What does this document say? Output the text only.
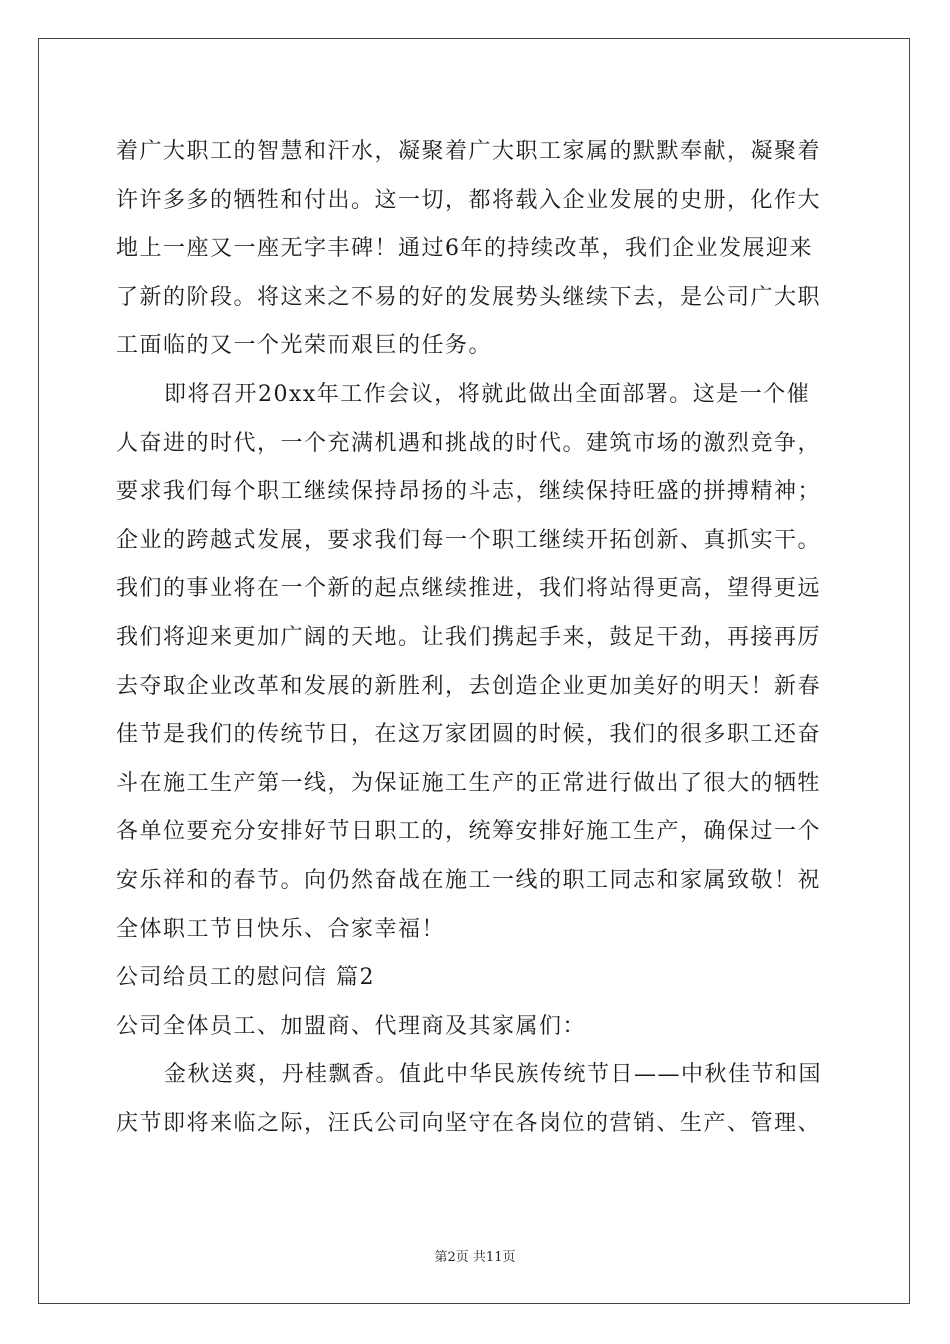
着广大职工的智慧和汗水，凝聚着广大职工家属的默默奉献，凝聚着
许许多多的牺牲和付出。这一切，都将载入企业发展的史册，化作大
地上一座又一座无字丰碑！通过6年的持续改革，我们企业发展迎来
了新的阶段。将这来之不易的好的发展势头继续下去，是公司广大职
工面临的又一个光荣而艰巨的任务。
即将召开20xx年工作会议，将就此做出全面部署。这是一个催
人奋进的时代，一个充满机遇和挑战的时代。建筑市场的激烈竞争，
要求我们每个职工继续保持昂扬的斗志，继续保持旺盛的拼搏精神；
企业的跨越式发展，要求我们每一个职工继续开拓创新、真抓实干。
我们的事业将在一个新的起点继续推进，我们将站得更高，望得更远
我们将迎来更加广阔的天地。让我们携起手来，鼓足干劲，再接再厉
去夺取企业改革和发展的新胜利，去创造企业更加美好的明天！新春
佳节是我们的传统节日，在这万家团圆的时候，我们的很多职工还奋
斗在施工生产第一线，为保证施工生产的正常进行做出了很大的牺牲
各单位要充分安排好节日职工的，统筹安排好施工生产，确保过一个
安乐祥和的春节。向仍然奋战在施工一线的职工同志和家属致敬！祝
全体职工节日快乐、合家幸福！
公司给员工的慰问信 篇2
公司全体员工、加盟商、代理商及其家属们：
金秋送爽，丹桂飘香。值此中华民族传统节日——中秋佳节和国
庆节即将来临之际，汪氏公司向坚守在各岗位的营销、生产、管理、
第2页 共11页
